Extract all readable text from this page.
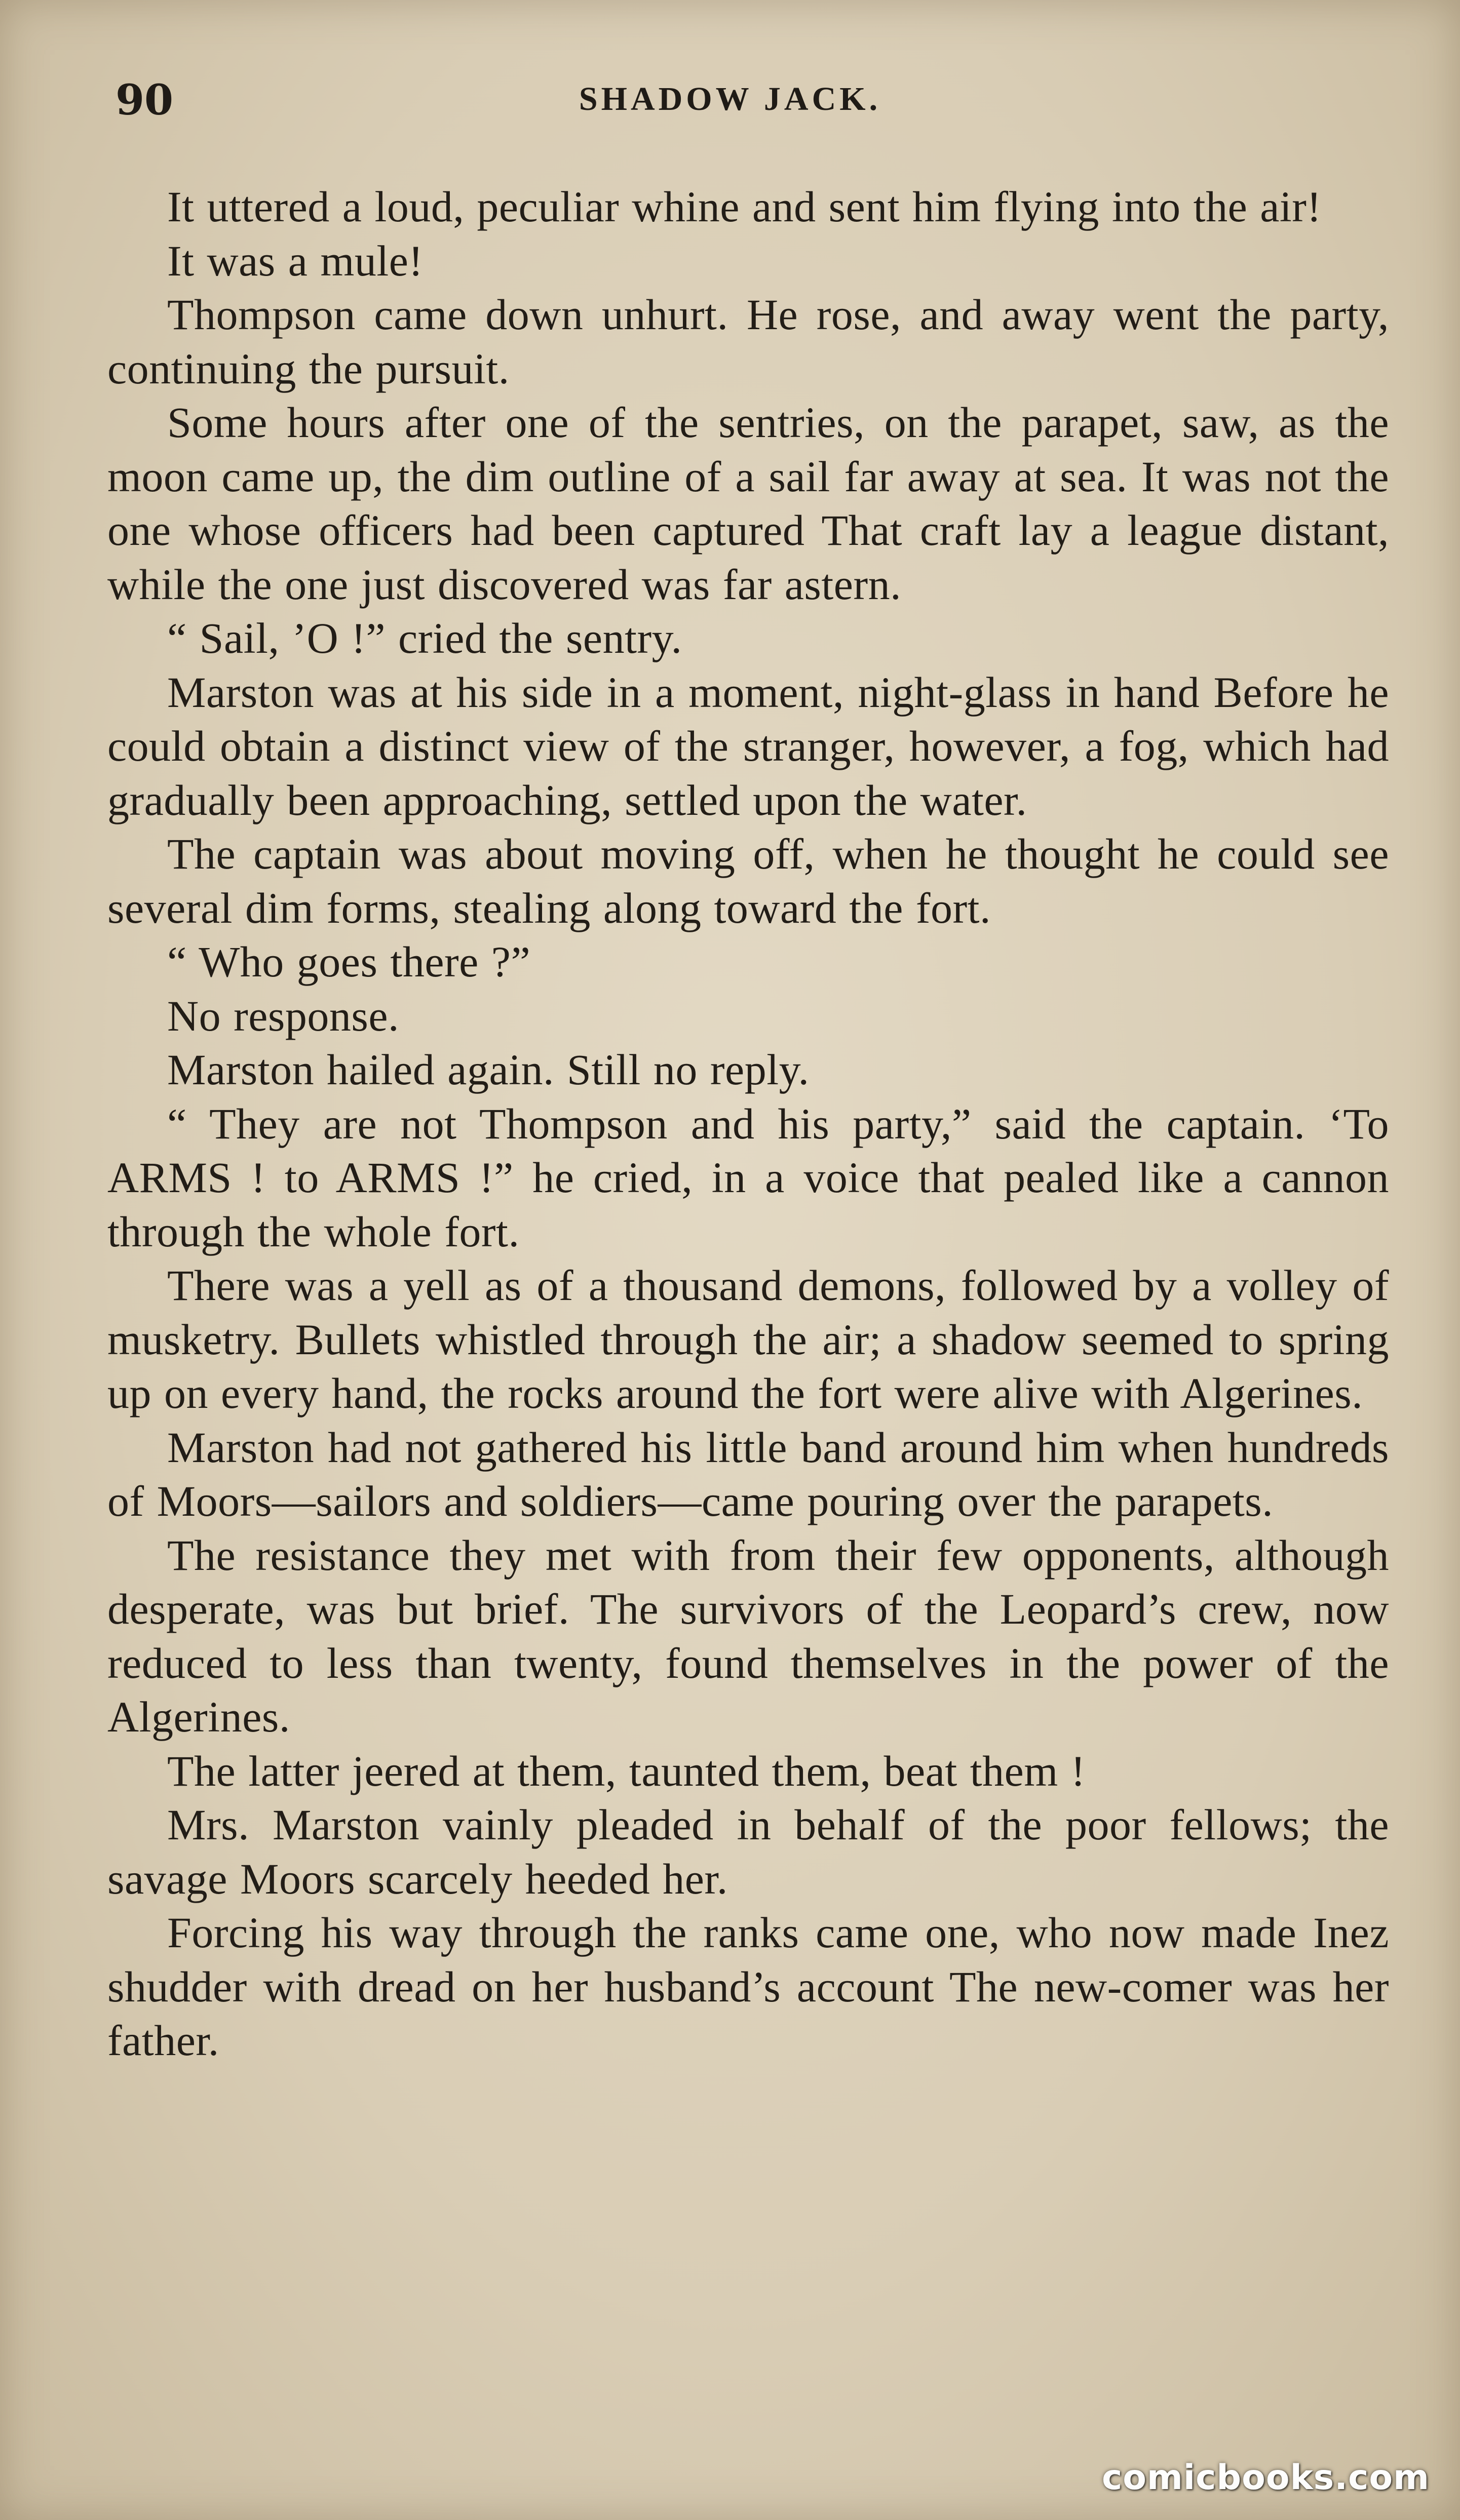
90	SHADOW JACK.

It uttered a loud, peculiar whine and sent him flying into the air!

It was a mule!

Thompson came down unhurt. He rose, and away went the party, continuing the pursuit.

Some hours after one of the sentries, on the parapet, saw, as the moon came up, the dim outline of a sail far away at sea. It was not the one whose officers had been captured That craft lay a league distant, while the one just discovered was far astern.

“ Sail, ’O !” cried the sentry.

Marston was at his side in a moment, night-glass in hand Before he could obtain a distinct view of the stranger, however, a fog, which had gradually been approaching, settled upon the water.

The captain was about moving off, when he thought he could see several dim forms, stealing along toward the fort.

“ Who goes there ?”

No response.

Marston hailed again. Still no reply.

“ They are not Thompson and his party,” said the captain. ‘To ARMS ! to ARMS !” he cried, in a voice that pealed like a cannon through the whole fort.

There was a yell as of a thousand demons, followed by a volley of musketry. Bullets whistled through the air; a shadow seemed to spring up on every hand, the rocks around the fort were alive with Algerines.

Marston had not gathered his little band around him when hundreds of Moors—sailors and soldiers—came pouring over the parapets.

The resistance they met with from their few opponents, although desperate, was but brief. The survivors of the Leopard’s crew, now reduced to less than twenty, found themselves in the power of the Algerines.

The latter jeered at them, taunted them, beat them !

Mrs. Marston vainly pleaded in behalf of the poor fellows; the savage Moors scarcely heeded her.

Forcing his way through the ranks came one, who now made Inez shudder with dread on her husband’s account The new-comer was her father.

comicbooks.com
